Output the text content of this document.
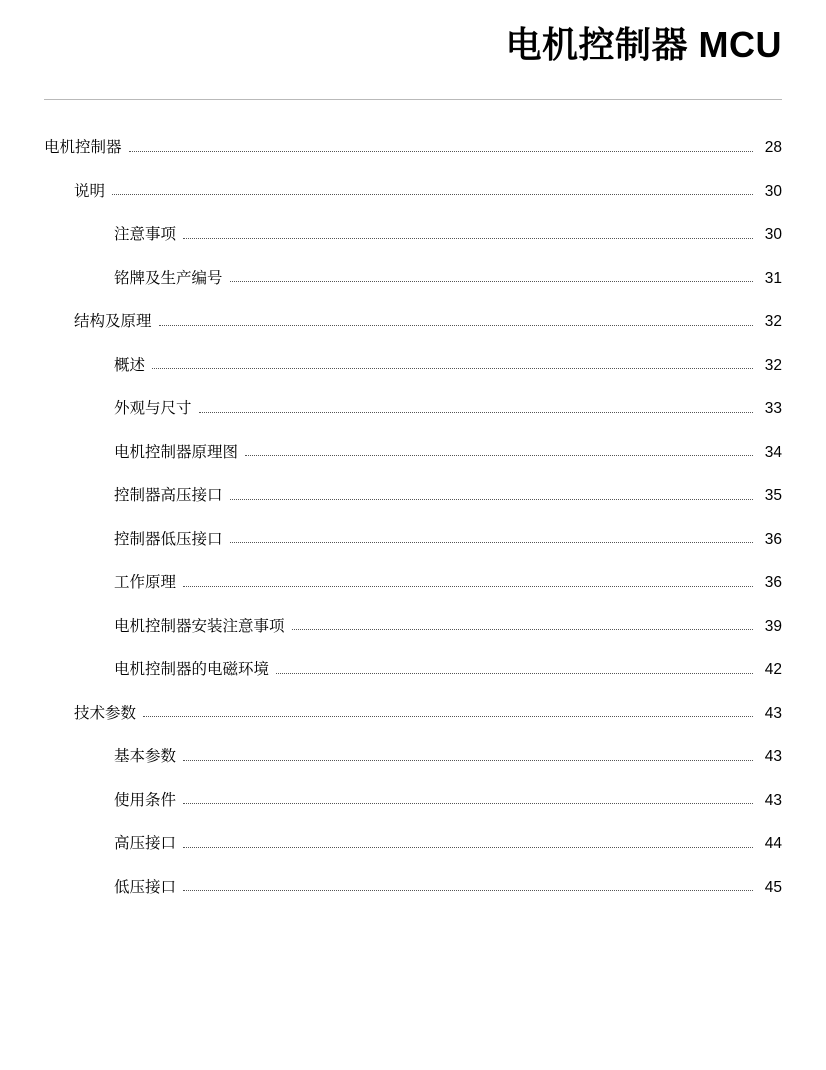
电机控制器 MCU
电机控制器	28
说明	30
注意事项	30
铭牌及生产编号	31
结构及原理	32
概述	32
外观与尺寸	33
电机控制器原理图	34
控制器高压接口	35
控制器低压接口	36
工作原理	36
电机控制器安装注意事项	39
电机控制器的电磁环境	42
技术参数	43
基本参数	43
使用条件	43
高压接口	44
低压接口	45
